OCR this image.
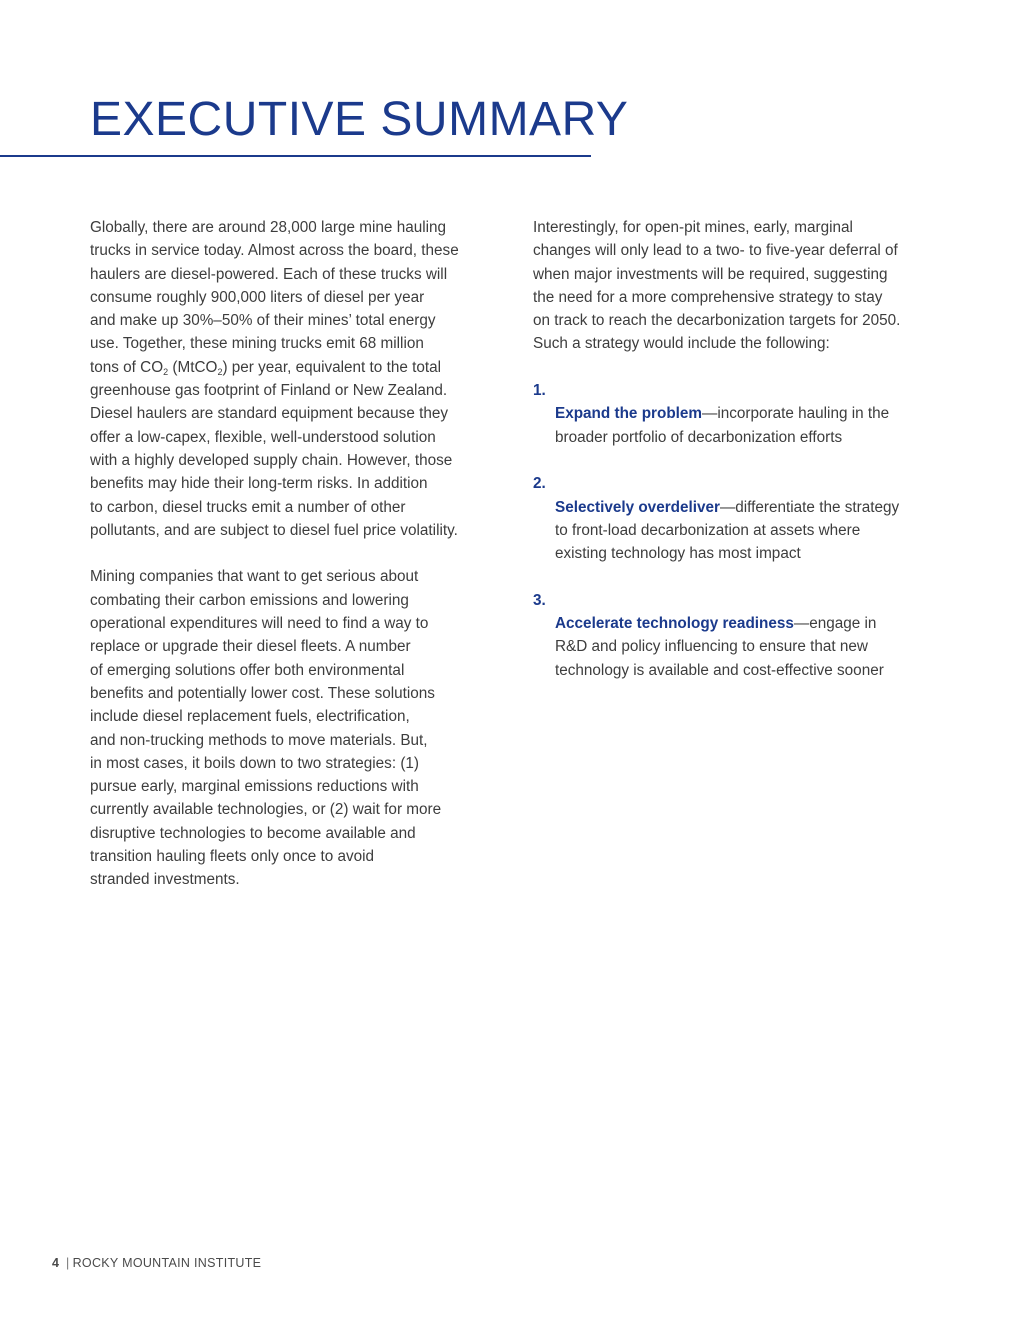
EXECUTIVE SUMMARY

Globally, there are around 28,000 large mine hauling
trucks in service today. Almost across the board, these
haulers are diesel-powered. Each of these trucks will
consume roughly 900,000 liters of diesel per year
and make up 30%–50% of their mines’ total energy
use. Together, these mining trucks emit 68 million
tons of $CO_2$ (MtCO$_2$) per year, equivalent to the total
greenhouse gas footprint of Finland or New Zealand.
Diesel haulers are standard equipment because they
offer a low-capex, flexible, well-understood solution
with a highly developed supply chain. However, those
benefits may hide their long-term risks. In addition
to carbon, diesel trucks emit a number of other
pollutants, and are subject to diesel fuel price volatility.

Mining companies that want to get serious about
combating their carbon emissions and lowering
operational expenditures will need to find a way to
replace or upgrade their diesel fleets. A number
of emerging solutions offer both environmental
benefits and potentially lower cost. These solutions
include diesel replacement fuels, electrification,
and non-trucking methods to move materials. But,
in most cases, it boils down to two strategies: (1)
pursue early, marginal emissions reductions with
currently available technologies, or (2) wait for more
disruptive technologies to become available and
transition hauling fleets only once to avoid
stranded investments.

Interestingly, for open-pit mines, early, marginal
changes will only lead to a two- to five-year deferral of
when major investments will be required, suggesting
the need for a more comprehensive strategy to stay
on track to reach the decarbonization targets for 2050.
Such a strategy would include the following:

1.
Expand the problem—incorporate hauling in the
broader portfolio of decarbonization efforts

2.
Selectively overdeliver—differentiate the strategy
to front-load decarbonization at assets where
existing technology has most impact

3.
Accelerate technology readiness—engage in
R&D and policy influencing to ensure that new
technology is available and cost-effective sooner

4 | ROCKY MOUNTAIN INSTITUTE
